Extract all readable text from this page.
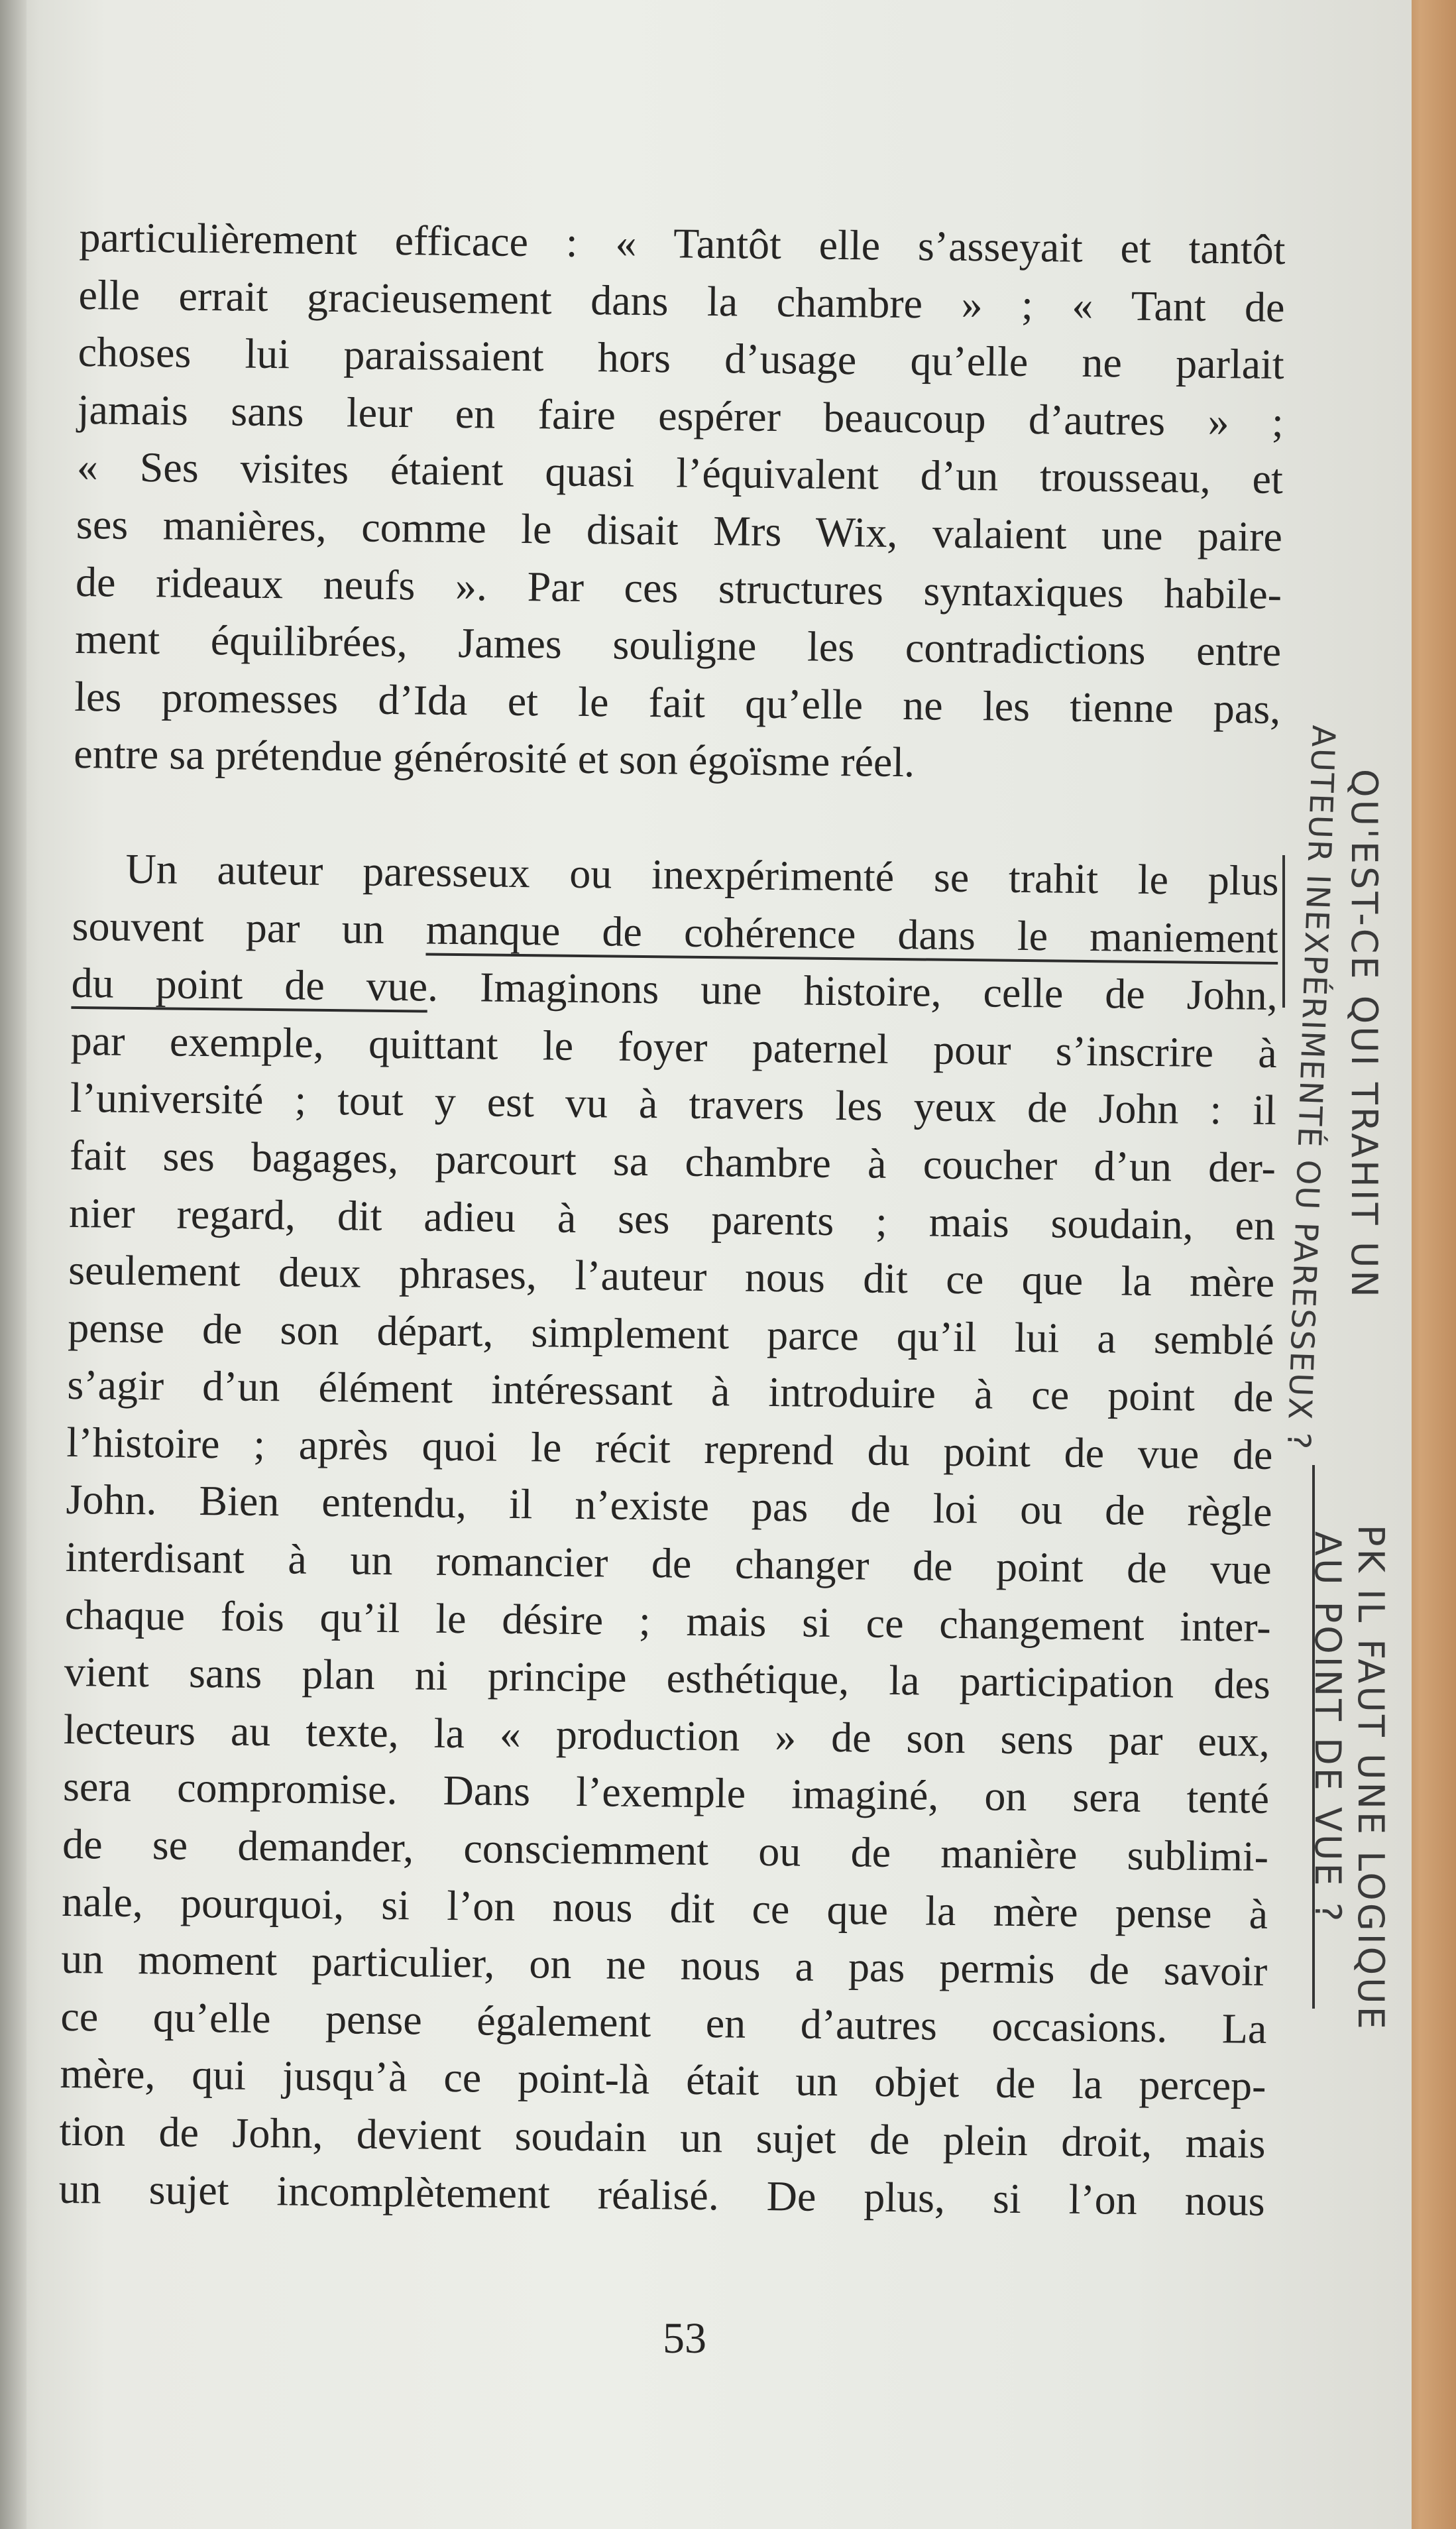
particulièrement efficace : « Tantôt elle s’asseyait et tantôt
elle errait gracieusement dans la chambre » ; « Tant de
choses lui paraissaient hors d’usage qu’elle ne parlait
jamais sans leur en faire espérer beaucoup d’autres » ;
« Ses visites étaient quasi l’équivalent d’un trousseau, et
ses manières, comme le disait Mrs Wix, valaient une paire
de rideaux neufs ». Par ces structures syntaxiques habile-
ment équilibrées, James souligne les contradictions entre
les promesses d’Ida et le fait qu’elle ne les tienne pas,
entre sa prétendue générosité et son égoïsme réel.
Un auteur paresseux ou inexpérimenté se trahit le plus
souvent par un manque de cohérence dans le maniement
du point de vue. Imaginons une histoire, celle de John,
par exemple, quittant le foyer paternel pour s’inscrire à
l’université ; tout y est vu à travers les yeux de John : il
fait ses bagages, parcourt sa chambre à coucher d’un der-
nier regard, dit adieu à ses parents ; mais soudain, en
seulement deux phrases, l’auteur nous dit ce que la mère
pense de son départ, simplement parce qu’il lui a semblé
s’agir d’un élément intéressant à introduire à ce point de
l’histoire ; après quoi le récit reprend du point de vue de
John. Bien entendu, il n’existe pas de loi ou de règle
interdisant à un romancier de changer de point de vue
chaque fois qu’il le désire ; mais si ce changement inter-
vient sans plan ni principe esthétique, la participation des
lecteurs au texte, la « production » de son sens par eux,
sera compromise. Dans l’exemple imaginé, on sera tenté
de se demander, consciemment ou de manière sublimi-
nale, pourquoi, si l’on nous dit ce que la mère pense à
un moment particulier, on ne nous a pas permis de savoir
ce qu’elle pense également en d’autres occasions. La
mère, qui jusqu’à ce point-là était un objet de la percep-
tion de John, devient soudain un sujet de plein droit, mais
un sujet incomplètement réalisé. De plus, si l’on nous
53
QU'EST-CE QUI TRAHIT UN
AUTEUR INEXPÉRIMENTÉ OU PARESSEUX ?
PK IL FAUT UNE LOGIQUE
AU POINT DE VUE ?
